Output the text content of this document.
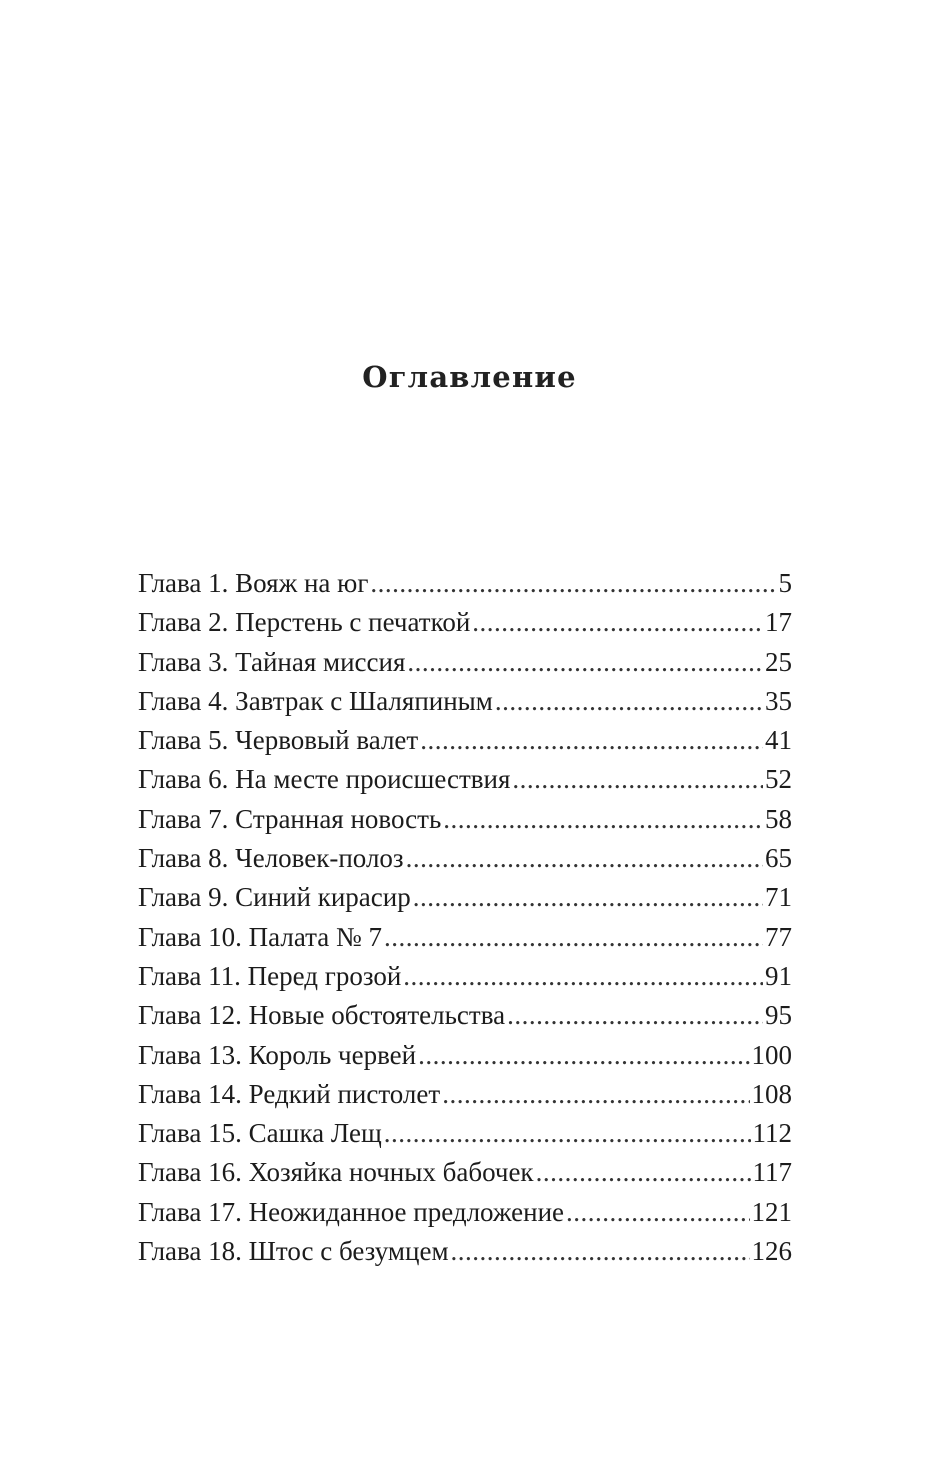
Оглавление
Глава 1. Вояж на юг .....	5
Глава 2. Перстень с печаткой .....	17
Глава 3. Тайная миссия .....	25
Глава 4. Завтрак с Шаляпиным .....	35
Глава 5. Червовый валет .....	41
Глава 6. На месте происшествия .....	52
Глава 7. Странная новость .....	58
Глава 8. Человек-полоз .....	65
Глава 9. Синий кирасир .....	71
Глава 10. Палата № 7 .....	77
Глава 11. Перед грозой .....	91
Глава 12. Новые обстоятельства .....	95
Глава 13. Король червей .....	100
Глава 14. Редкий пистолет .....	108
Глава 15. Сашка Лещ .....	112
Глава 16. Хозяйка ночных бабочек .....	117
Глава 17. Неожиданное предложение .....	121
Глава 18. Штос с безумцем .....	126
